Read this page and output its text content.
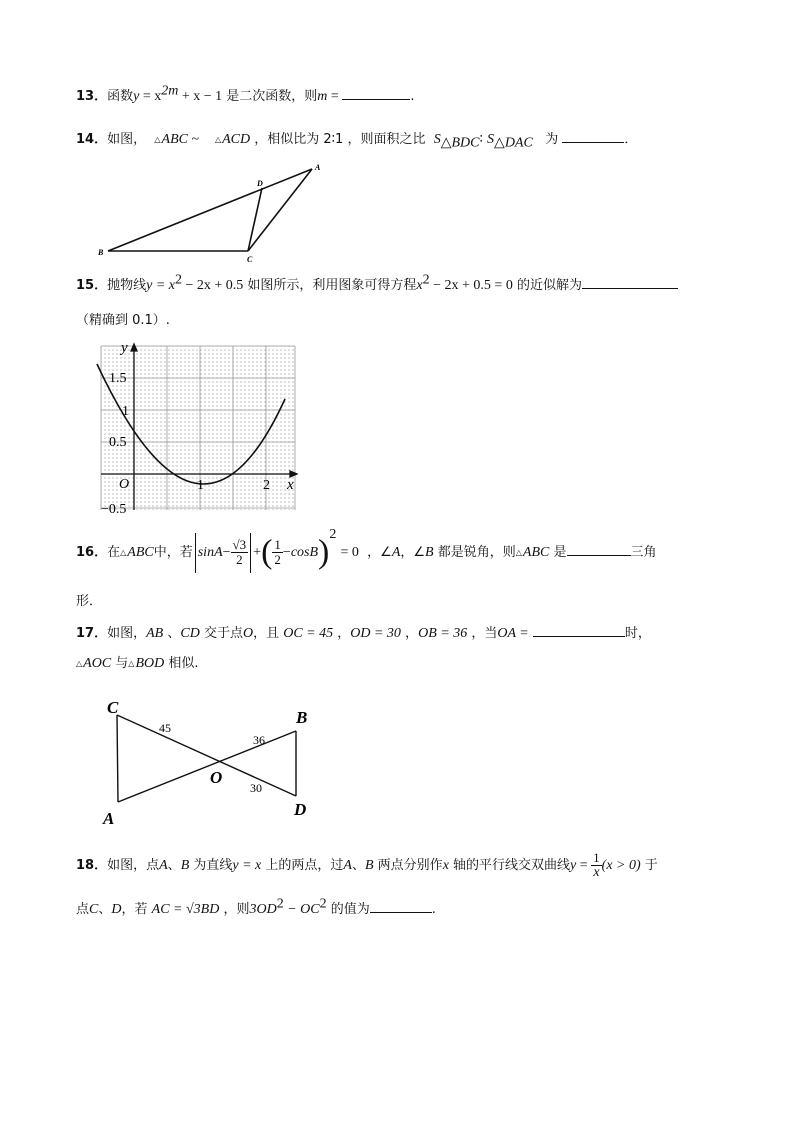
13．函数$y = x^{2m} + x - 1$ 是二次函数，则m =	.
14．如图， △ABC ~    △ACD ，相似比为 2∶1 ，则面积之比 $S_{\triangle BDC}∶$ $S_{\triangle DAC}$   为	．
A
B
C
D
15．抛物线$y = x^2 - 2x + 0.5$ 如图所示，利用图象可得方程$x^2 - 2x + 0.5 = 0$ 的近似解为
（精确到 0.1）.
y
x
O
1.5
1
0.5
−0.5
1	2
16．在△ABC中，若 $\sin A- \frac{√3}{2}$ +( $\frac{1}{2} -\cos B)^2 = 0$ ，∠A，∠B 都是锐角，则△ABC 是	三角
形．
17．如图，AB 、CD 交于点O，且 OC = 45 ，OD = 30 ，OB = 36 ，当OA =	时，
△AOC 与△BOD 相似.
C
B
O
A	D
45
36
30
18．如图，点A、B 为直线y = x 上的两点，过A、B 两点分别作x 轴的平行线交双曲线$y = \frac{1}{x} (x > 0)$ 于
点C、D，若 AC = √3BD ，则$3OD^2 - OC^2$ 的值为	.
